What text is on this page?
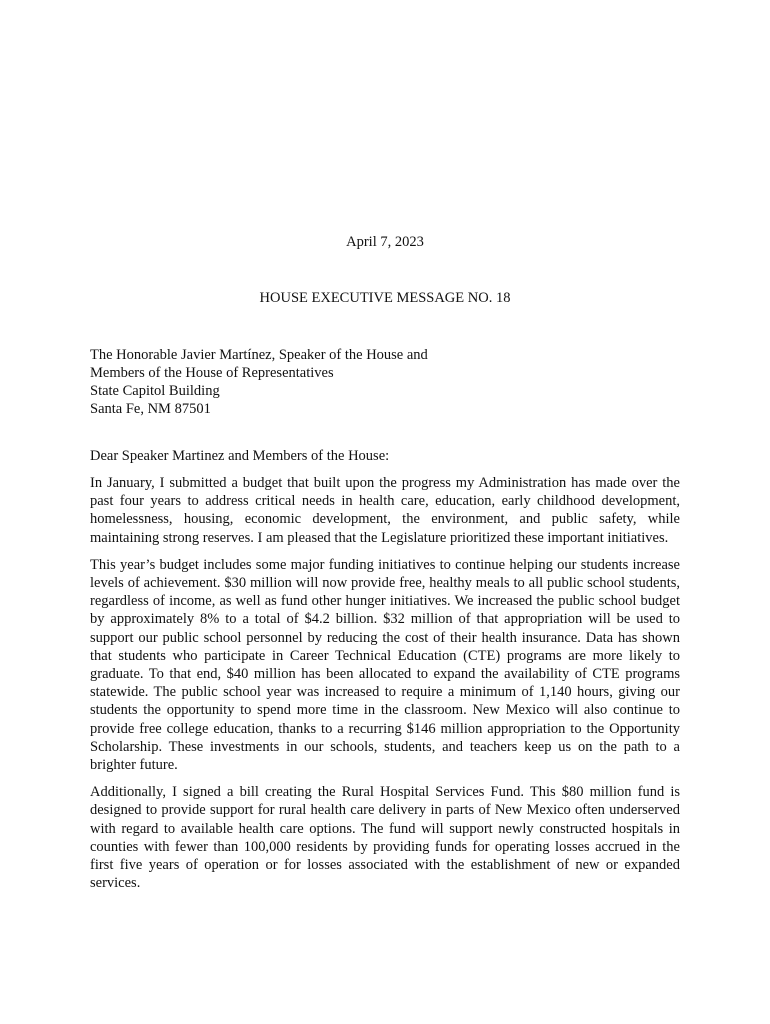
April 7, 2023
HOUSE EXECUTIVE MESSAGE NO. 18
The Honorable Javier Martínez, Speaker of the House and
Members of the House of Representatives
State Capitol Building
Santa Fe, NM 87501
Dear Speaker Martinez and Members of the House:

In January, I submitted a budget that built upon the progress my Administration has made over the past four years to address critical needs in health care, education, early childhood development, homelessness, housing, economic development, the environment, and public safety, while maintaining strong reserves. I am pleased that the Legislature prioritized these important initiatives.

This year’s budget includes some major funding initiatives to continue helping our students increase levels of achievement. $30 million will now provide free, healthy meals to all public school students, regardless of income, as well as fund other hunger initiatives. We increased the public school budget by approximately 8% to a total of $4.2 billion. $32 million of that appropriation will be used to support our public school personnel by reducing the cost of their health insurance. Data has shown that students who participate in Career Technical Education (CTE) programs are more likely to graduate. To that end, $40 million has been allocated to expand the availability of CTE programs statewide. The public school year was increased to require a minimum of 1,140 hours, giving our students the opportunity to spend more time in the classroom. New Mexico will also continue to provide free college education, thanks to a recurring $146 million appropriation to the Opportunity Scholarship. These investments in our schools, students, and teachers keep us on the path to a brighter future.

Additionally, I signed a bill creating the Rural Hospital Services Fund. This $80 million fund is designed to provide support for rural health care delivery in parts of New Mexico often underserved with regard to available health care options. The fund will support newly constructed hospitals in counties with fewer than 100,000 residents by providing funds for operating losses accrued in the first five years of operation or for losses associated with the establishment of new or expanded services.
